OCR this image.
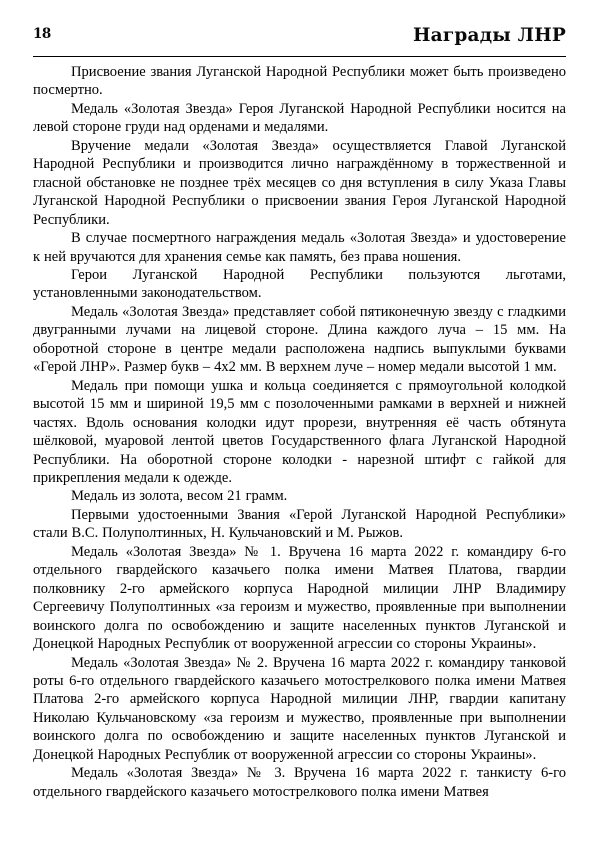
18	Награды ЛНР

Присвоение звания Луганской Народной Республики может быть произведено посмертно.

Медаль «Золотая Звезда» Героя Луганской Народной Республики носится на левой стороне груди над орденами и медалями.

Вручение медали «Золотая Звезда» осуществляется Главой Луганской Народной Республики и производится лично награждённому в торжественной и гласной обстановке не позднее трёх месяцев со дня вступления в силу Указа Главы Луганской Народной Республики о присвоении звания Героя Луганской Народной Республики.

В случае посмертного награждения медаль «Золотая Звезда» и удостоверение к ней вручаются для хранения семье как память, без права ношения.

Герои Луганской Народной Республики пользуются льготами, установленными законодательством.

Медаль «Золотая Звезда» представляет собой пятиконечную звезду с гладкими двугранными лучами на лицевой стороне. Длина каждого луча – 15 мм. На оборотной стороне в центре медали расположена надпись выпуклыми буквами «Герой ЛНР». Размер букв – 4х2 мм. В верхнем луче – номер медали высотой 1 мм.

Медаль при помощи ушка и кольца соединяется с прямоугольной колодкой высотой 15 мм и шириной 19,5 мм с позолоченными рамками в верхней и нижней частях. Вдоль основания колодки идут прорези, внутренняя её часть обтянута шёлковой, муаровой лентой цветов Государственного флага Луганской Народной Республики. На оборотной стороне колодки - нарезной штифт с гайкой для прикрепления медали к одежде.

Медаль из золота, весом 21 грамм.

Первыми удостоенными Звания «Герой Луганской Народной Республики» стали В.С. Полуполтинных, Н. Кульчановский и М. Рыжов.

Медаль «Золотая Звезда» № 1. Вручена 16 марта 2022 г. командиру 6-го отдельного гвардейского казачьего полка имени Матвея Платова, гвардии полковнику 2-го армейского корпуса Народной милиции ЛНР Владимиру Сергеевичу Полуполтинных «за героизм и мужество, проявленные при выполнении воинского долга по освобождению и защите населенных пунктов Луганской и Донецкой Народных Республик от вооруженной агрессии со стороны Украины».

Медаль «Золотая Звезда» № 2. Вручена 16 марта 2022 г. командиру танковой роты 6-го отдельного гвардейского казачьего мотострелкового полка имени Матвея Платова 2-го армейского корпуса Народной милиции ЛНР, гвардии капитану Николаю Кульчановскому «за героизм и мужество, проявленные при выполнении воинского долга по освобождению и защите населенных пунктов Луганской и Донецкой Народных Республик от вооруженной агрессии со стороны Украины».

Медаль «Золотая Звезда» № 3. Вручена 16 марта 2022 г. танкисту 6-го отдельного гвардейского казачьего мотострелкового полка имени Матвея
